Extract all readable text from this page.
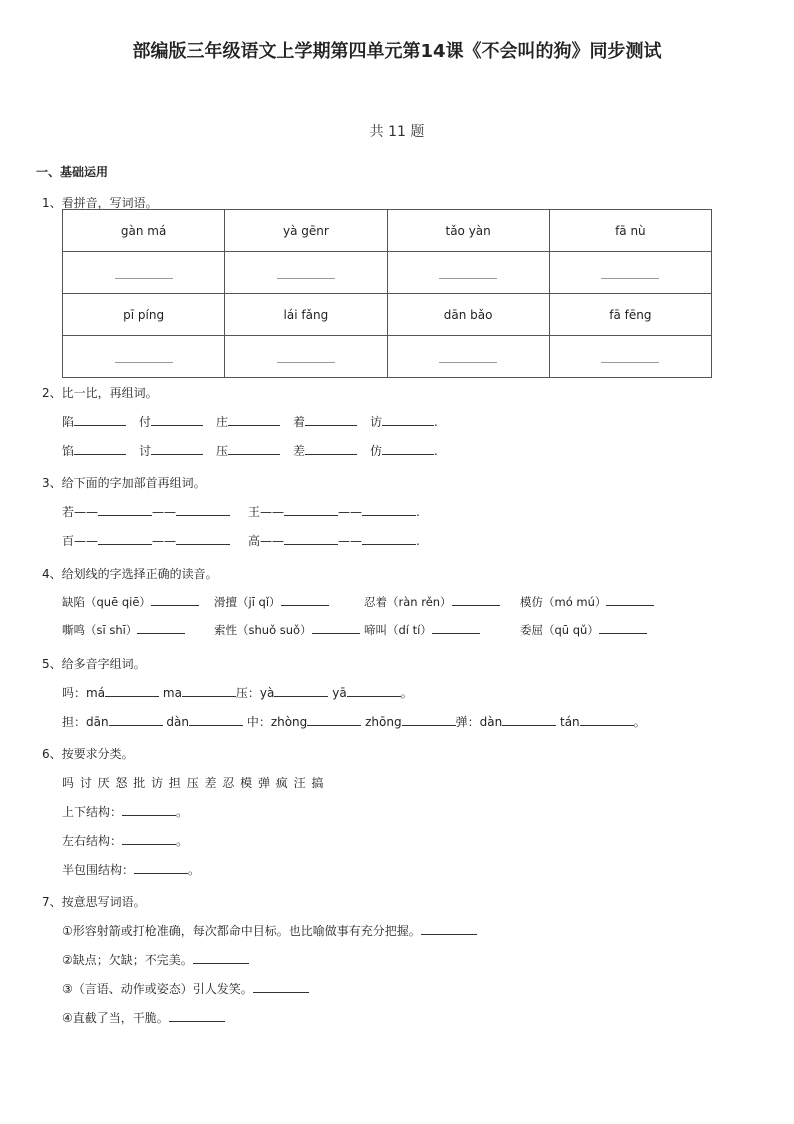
部编版三年级语文上学期第四单元第14课《不会叫的狗》同步测试
共 11 题
一、基础运用
1、看拼音，写词语。
gàn má	yà gēnr	tǎo yàn	fā nù

pī píng	lái fǎng	dān bǎo	fā fēng

2、比一比，再组词。
陷	付	庄	着	访	.
馅	讨	压	差	仿	.
3、给下面的字加部首再组词。
若——	——	王——	——	.
百——	——	高——	——	.
4、给划线的字选择正确的读音。
缺陷（quē qiē）	滑擅（jī qǐ）	忍着（ràn rěn）	模仿（mó mú）
嘶鸣（sī shī）	索性（shuǒ suǒ）	啼叫（dí tí）	委屈（qū qǔ）
5、给多音字组词。
吗：má	ma	压：yà	yā	。
担：dān	dàn	中：zhòng	zhōng	弹：dàn	tán	。
6、按要求分类。
吗 讨 厌 怒 批 访 担 压 差 忍 模 弹 疯 汪 搞
上下结构：	。
左右结构：	。
半包围结构：	。
7、按意思写词语。
①形容射箭或打枪准确，每次都命中目标。也比喻做事有充分把握。
②缺点；欠缺；不完美。
③（言语、动作或姿态）引人发笑。
④直截了当，干脆。
